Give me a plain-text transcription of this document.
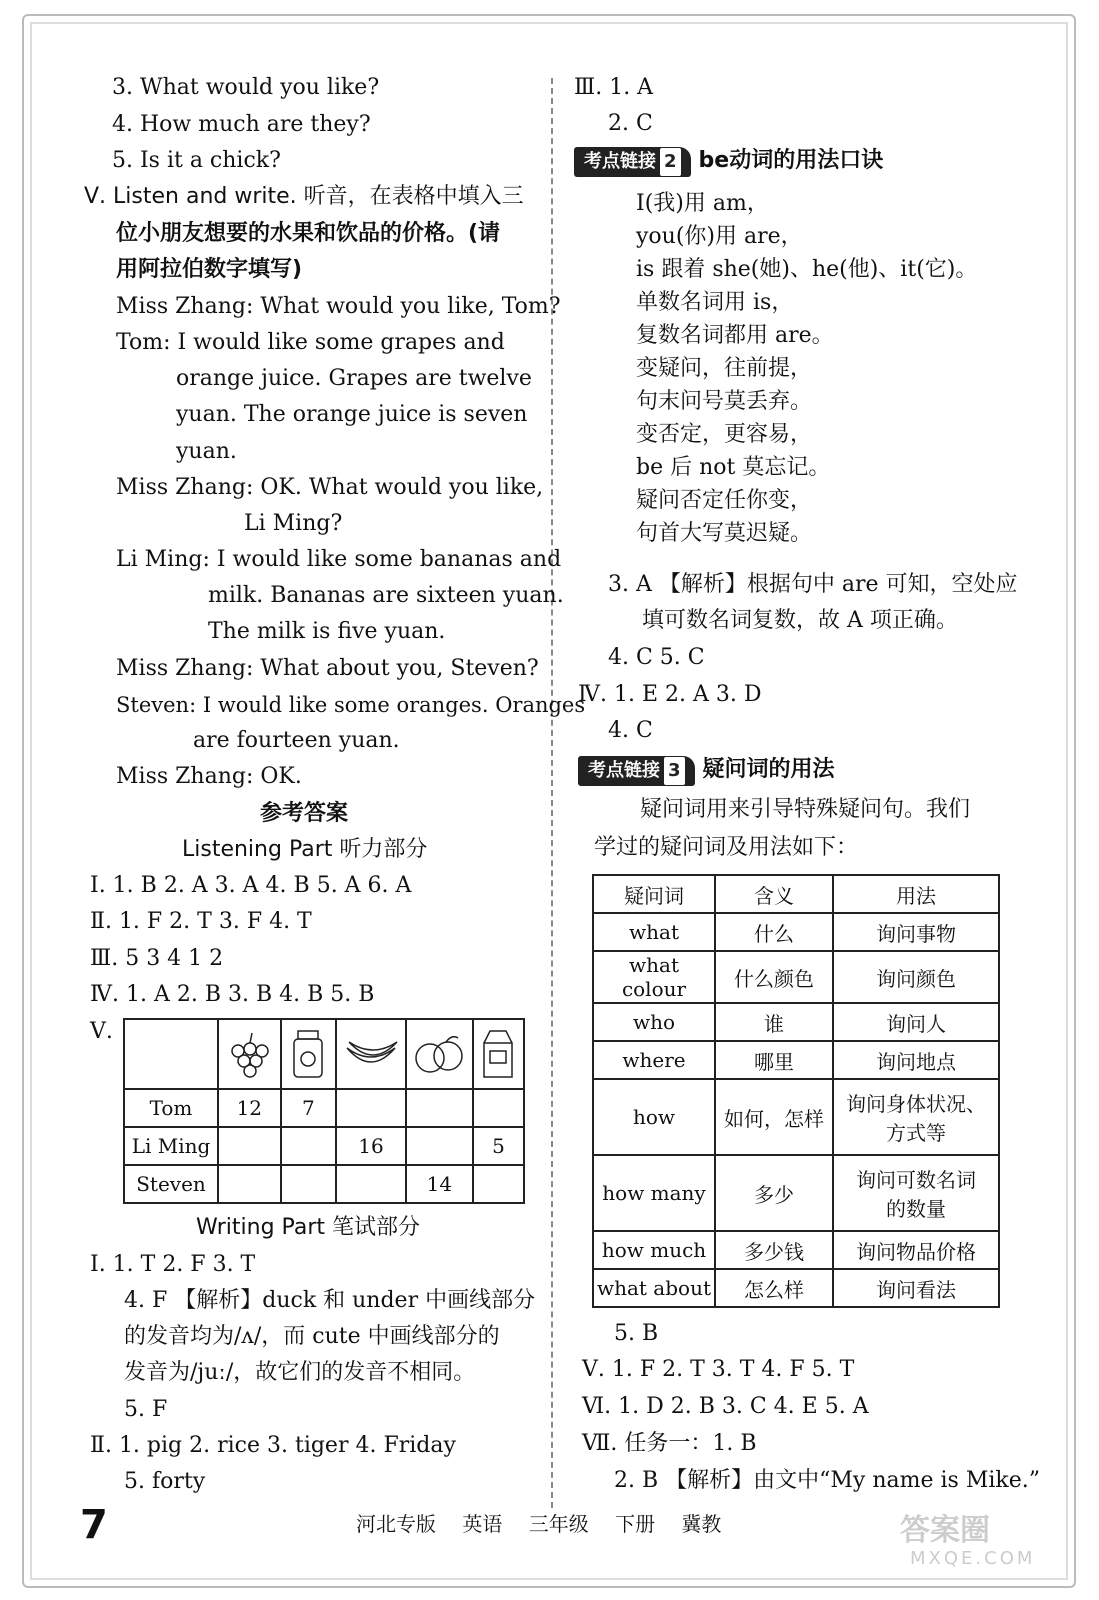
3. What would you like?
4. How much are they?
5. Is it a chick?
Ⅴ. Listen and write. 听音，在表格中填入三
位小朋友想要的水果和饮品的价格。(请
用阿拉伯数字填写)
Miss Zhang: What would you like, Tom?
Tom: I would like some grapes and
orange juice. Grapes are twelve
yuan. The orange juice is seven
yuan.
Miss Zhang: OK. What would you like,
Li Ming?
Li Ming: I would like some bananas and
milk. Bananas are sixteen yuan.
The milk is five yuan.
Miss Zhang: What about you, Steven?
Steven: I would like some oranges. Oranges
are fourteen yuan.
Miss Zhang: OK.
参考答案
Listening Part 听力部分
Ⅰ. 1. B 2. A 3. A 4. B 5. A 6. A
Ⅱ. 1. F 2. T 3. F 4. T
Ⅲ. 5 3 4 1 2
Ⅳ. 1. A 2. B 3. B 4. B 5. B
Ⅴ.

Tom	12	7			
Li Ming			16		5
Steven				14	
Writing Part 笔试部分
Ⅰ. 1. T 2. F 3. T
4. F 【解析】duck 和 under 中画线部分
的发音均为/ʌ/，而 cute 中画线部分的
发音为/juː/，故它们的发音不相同。
5. F
Ⅱ. 1. pig 2. rice 3. tiger 4. Friday
5. forty
Ⅲ. 1. A
2. C
考点链接 2 be动词的用法口诀
I(我)用 am，
you(你)用 are，
is 跟着 she(她)、he(他)、it(它)。
单数名词用 is，
复数名词都用 are。
变疑问，往前提，
句末问号莫丢弃。
变否定，更容易，
be 后 not 莫忘记。
疑问否定任你变，
句首大写莫迟疑。
3. A 【解析】根据句中 are 可知，空处应
填可数名词复数，故 A 项正确。
4. C 5. C
Ⅳ. 1. E 2. A 3. D
4. C
考点链接 3 疑问词的用法
疑问词用来引导特殊疑问句。我们
学过的疑问词及用法如下：
疑问词	含义	用法
what	什么	询问事物
what colour	什么颜色	询问颜色
who	谁	询问人
where	哪里	询问地点
how	如何，怎样	询问身体状况、方式等
how many	多少	询问可数名词的数量
how much	多少钱	询问物品价格
what about	怎么样	询问看法
5. B
Ⅴ. 1. F 2. T 3. T 4. F 5. T
Ⅵ. 1. D 2. B 3. C 4. E 5. A
Ⅶ. 任务一：1. B
2. B 【解析】由文中“My name is Mike.”
7	河北专版 英语 三年级 下册 冀教	答案圈
MXQE.COM
